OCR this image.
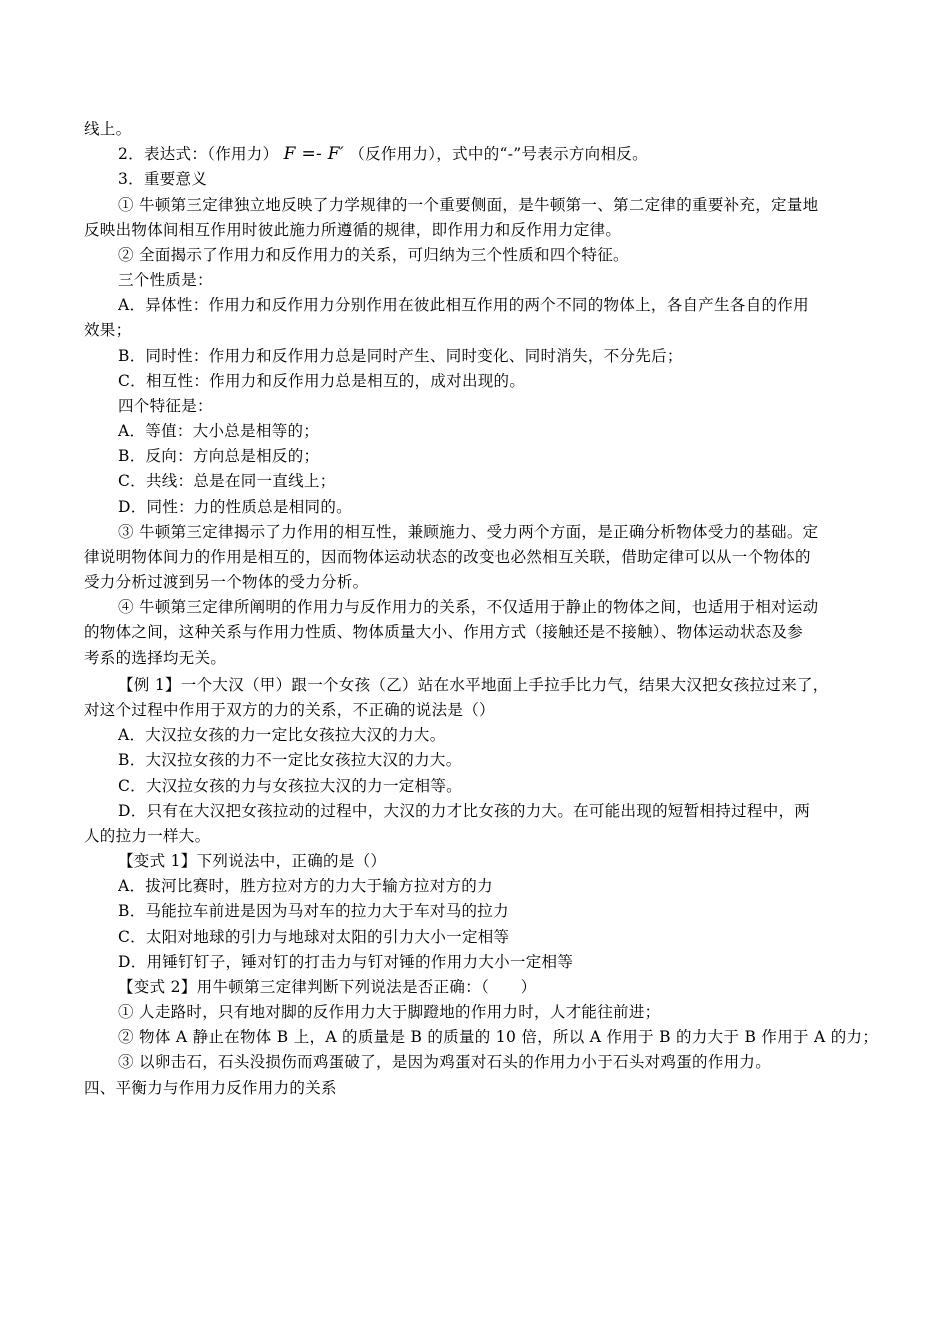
线上。
2．表达式：（作用力） F =- F′ （反作用力），式中的“-”号表示方向相反。
3．重要意义
① 牛顿第三定律独立地反映了力学规律的一个重要侧面，是牛顿第一、第二定律的重要补充，定量地
反映出物体间相互作用时彼此施力所遵循的规律，即作用力和反作用力定律。
② 全面揭示了作用力和反作用力的关系，可归纳为三个性质和四个特征。
三个性质是：
A．异体性：作用力和反作用力分别作用在彼此相互作用的两个不同的物体上，各自产生各自的作用
效果；
B．同时性：作用力和反作用力总是同时产生、同时变化、同时消失，不分先后；
C．相互性：作用力和反作用力总是相互的，成对出现的。
四个特征是：
A．等值：大小总是相等的；
B．反向：方向总是相反的；
C．共线：总是在同一直线上；
D．同性：力的性质总是相同的。
③ 牛顿第三定律揭示了力作用的相互性，兼顾施力、受力两个方面，是正确分析物体受力的基础。定
律说明物体间力的作用是相互的，因而物体运动状态的改变也必然相互关联，借助定律可以从一个物体的
受力分析过渡到另一个物体的受力分析。
④ 牛顿第三定律所阐明的作用力与反作用力的关系，不仅适用于静止的物体之间，也适用于相对运动
的物体之间，这种关系与作用力性质、物体质量大小、作用方式（接触还是不接触）、物体运动状态及参
考系的选择均无关。
【例 1】一个大汉（甲）跟一个女孩（乙）站在水平地面上手拉手比力气，结果大汉把女孩拉过来了，
对这个过程中作用于双方的力的关系，不正确的说法是（）
A．大汉拉女孩的力一定比女孩拉大汉的力大。
B．大汉拉女孩的力不一定比女孩拉大汉的力大。
C．大汉拉女孩的力与女孩拉大汉的力一定相等。
D．只有在大汉把女孩拉动的过程中，大汉的力才比女孩的力大。在可能出现的短暂相持过程中，两
人的拉力一样大。
【变式 1】下列说法中，正确的是（）
A．拔河比赛时，胜方拉对方的力大于输方拉对方的力
B．马能拉车前进是因为马对车的拉力大于车对马的拉力
C．太阳对地球的引力与地球对太阳的引力大小一定相等
D．用锤钉钉子，锤对钉的打击力与钉对锤的作用力大小一定相等
【变式 2】用牛顿第三定律判断下列说法是否正确：（　　）
① 人走路时，只有地对脚的反作用力大于脚蹬地的作用力时，人才能往前进；
② 物体 A 静止在物体 B 上，A 的质量是 B 的质量的 10 倍，所以 A 作用于 B 的力大于 B 作用于 A 的力；
③ 以卵击石，石头没损伤而鸡蛋破了，是因为鸡蛋对石头的作用力小于石头对鸡蛋的作用力。
四、平衡力与作用力反作用力的关系
